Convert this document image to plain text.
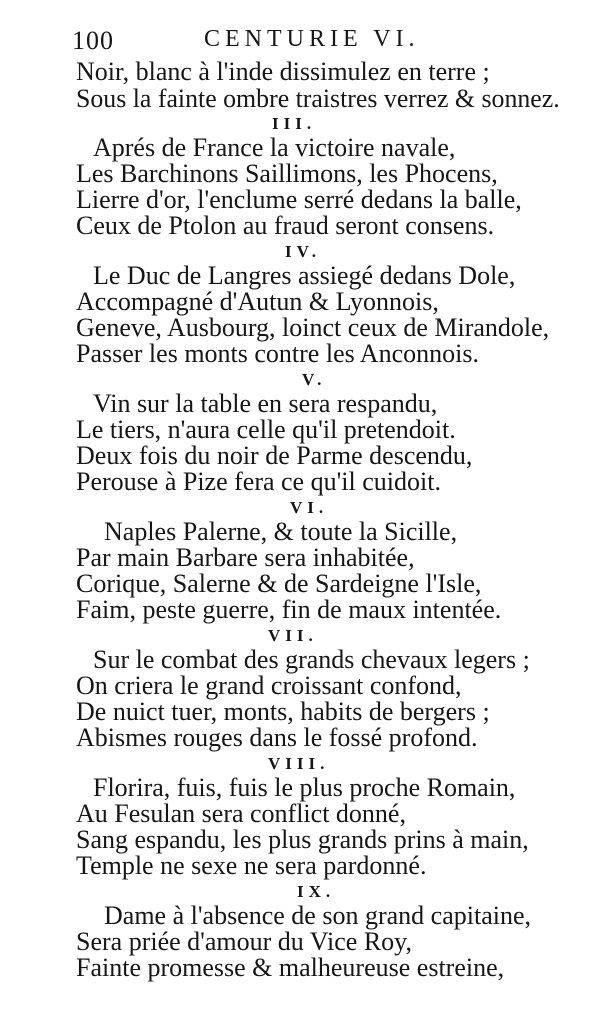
100	CENTURIE VI.
Noir, blanc à l'inde dissimulez en terre ;
Sous la fainte ombre traistres verrez & sonnez.
III.
Aprés de France la victoire navale,
Les Barchinons Saillimons, les Phocens,
Lierre d'or, l'enclume serré dedans la balle,
Ceux de Ptolon au fraud seront consens.
IV.
Le Duc de Langres assiegé dedans Dole,
Accompagné d'Autun & Lyonnois,
Geneve, Ausbourg, loinct ceux de Mirandole,
Passer les monts contre les Anconnois.
V.
Vin sur la table en sera respandu,
Le tiers, n'aura celle qu'il pretendoit.
Deux fois du noir de Parme descendu,
Perouse à Pize fera ce qu'il cuidoit.
VI.
Naples Palerne, & toute la Sicille,
Par main Barbare sera inhabitée,
Corique, Salerne & de Sardeigne l'Isle,
Faim, peste guerre, fin de maux intentée.
VII.
Sur le combat des grands chevaux legers ;
On criera le grand croissant confond,
De nuict tuer, monts, habits de bergers ;
Abismes rouges dans le fossé profond.
VIII.
Florira, fuis, fuis le plus proche Romain,
Au Fesulan sera conflict donné,
Sang espandu, les plus grands prins à main,
Temple ne sexe ne sera pardonné.
IX.
Dame à l'absence de son grand capitaine,
Sera priée d'amour du Vice Roy,
Fainte promesse & malheureuse estreine,
